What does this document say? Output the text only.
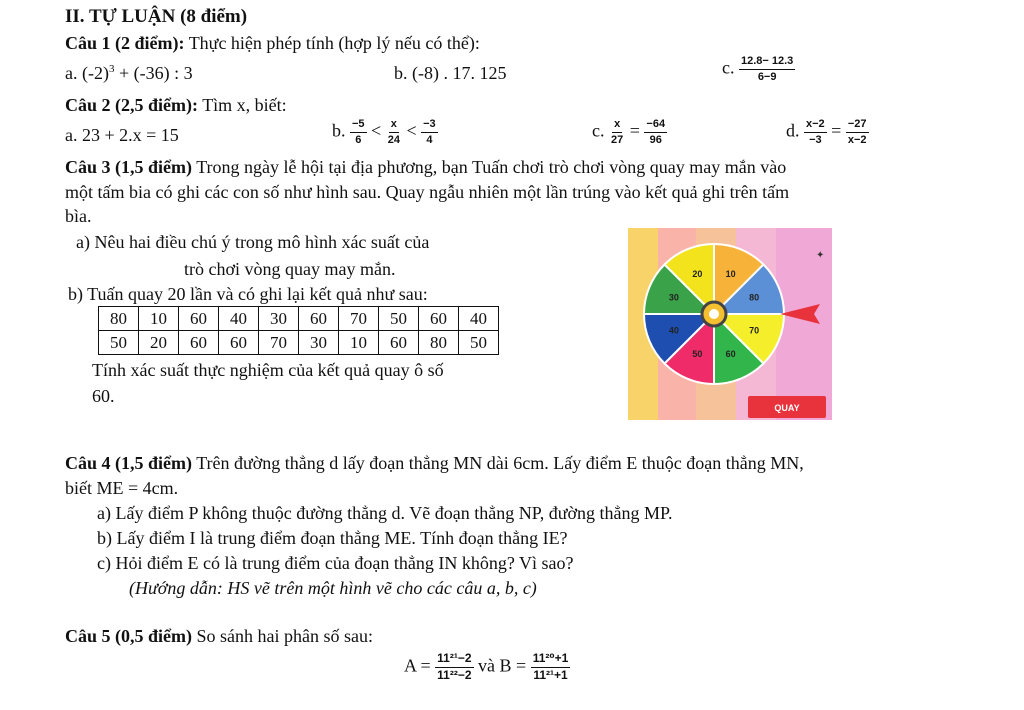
II. TỰ LUẬN (8 điểm)
Câu 1 (2 điểm): Thực hiện phép tính (hợp lý nếu có thể):
a. $(-2)^3 + (-36)$ : 3	b. (-8) . 17. 125	c. $\frac{12.8- 12.3}{6-9}$
Câu 2 (2,5 điểm): Tìm x, biết:
a. 23 + 2.x = 15	b. $\frac{-5}{6} < \frac{x}{24} < \frac{-3}{4}$	c. $\frac{x}{27} = \frac{-64}{96}$	d. $\frac{x-2}{-3} = \frac{-27}{x-2}$
Câu 3 (1,5 điểm) Trong ngày lễ hội tại địa phương, bạn Tuấn chơi trò chơi vòng quay may mắn vào
một tấm bia có ghi các con số như hình sau. Quay ngẫu nhiên một lần trúng vào kết quả ghi trên tấm
bìa.
a) Nêu hai điều chú ý trong mô hình xác suất của
trò chơi vòng quay may mắn.
b) Tuấn quay 20 lần và có ghi lại kết quả như sau:
80	10	60	40	30	60	70	50	60	40
50	20	60	60	70	30	10	60	80	50
Tính xác suất thực nghiệm của kết quả quay ô số
60.
20	10
80
70
60
50
40
30
QUAY
✦
Câu 4 (1,5 điểm) Trên đường thẳng d lấy đoạn thẳng MN dài 6cm. Lấy điểm E thuộc đoạn thẳng MN,
biết ME = 4cm.
a) Lấy điểm P không thuộc đường thẳng d. Vẽ đoạn thẳng NP, đường thẳng MP.
b) Lấy điểm I là trung điểm đoạn thẳng ME. Tính đoạn thẳng IE?
c) Hỏi điểm E có là trung điểm của đoạn thẳng IN không? Vì sao?
(Hướng dẫn: HS vẽ trên một hình vẽ cho các câu a, b, c)
Câu 5 (0,5 điểm) So sánh hai phân số sau:
$A = \frac{\text{11²¹−2}}{\text{11²²−2}}$ và $B = \frac{\text{11²⁰+1}}{\text{11²¹+1}}$
